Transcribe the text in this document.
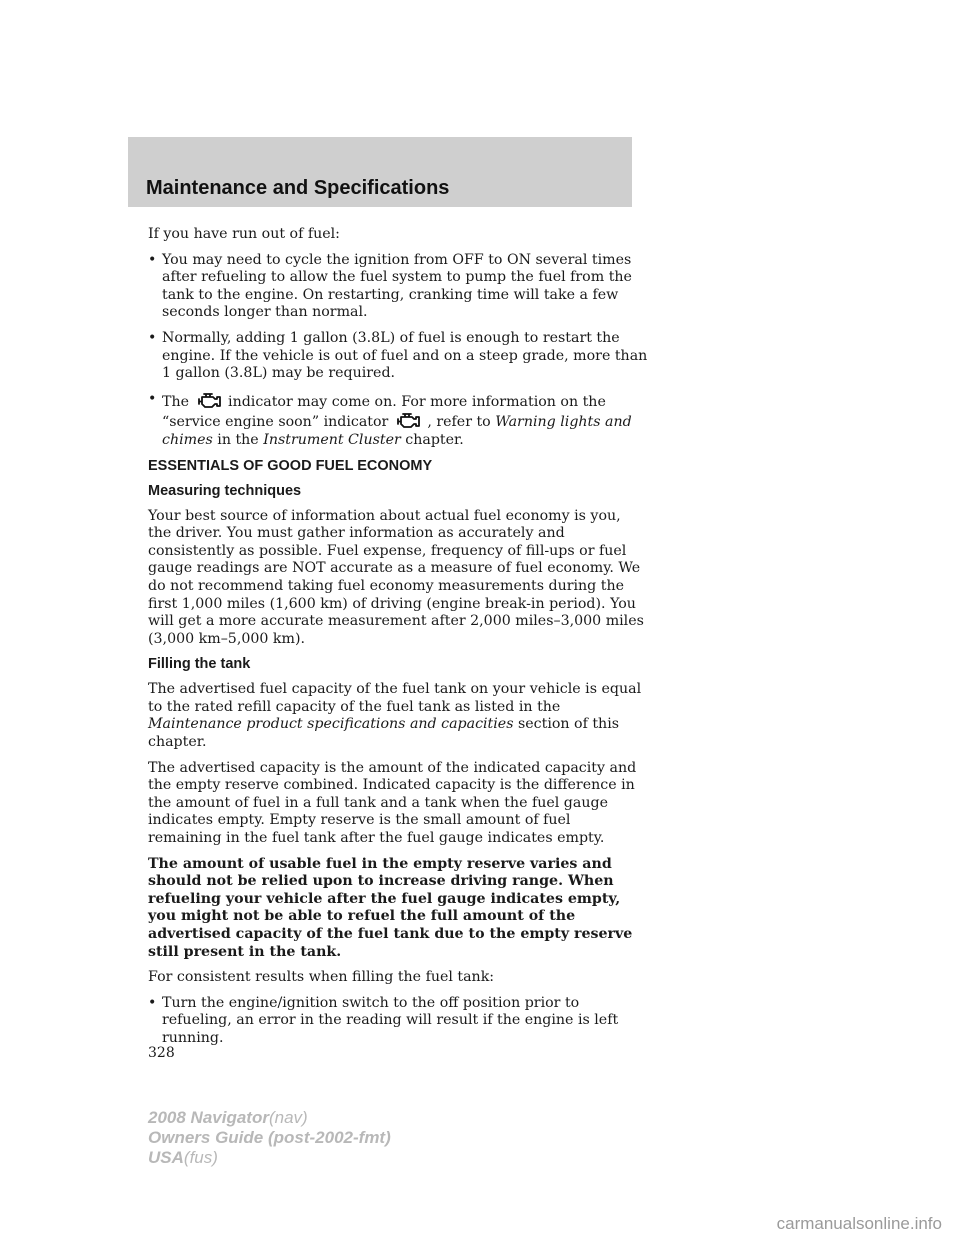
Maintenance and Specifications

If you have run out of fuel:

• You may need to cycle the ignition from OFF to ON several times after refueling to allow the fuel system to pump the fuel from the tank to the engine. On restarting, cranking time will take a few seconds longer than normal.
• Normally, adding 1 gallon (3.8L) of fuel is enough to restart the engine. If the vehicle is out of fuel and on a steep grade, more than 1 gallon (3.8L) may be required.
• The	indicator may come on. For more information on the “service engine soon” indicator	, refer to Warning lights and chimes in the Instrument Cluster chapter.
ESSENTIALS OF GOOD FUEL ECONOMY
Measuring techniques

Your best source of information about actual fuel economy is you, the driver. You must gather information as accurately and consistently as possible. Fuel expense, frequency of fill-ups or fuel gauge readings are NOT accurate as a measure of fuel economy. We do not recommend taking fuel economy measurements during the first 1,000 miles (1,600 km) of driving (engine break-in period). You will get a more accurate measurement after 2,000 miles–3,000 miles (3,000 km–5,000 km).

Filling the tank

The advertised fuel capacity of the fuel tank on your vehicle is equal to the rated refill capacity of the fuel tank as listed in the Maintenance product specifications and capacities section of this chapter.

The advertised capacity is the amount of the indicated capacity and the empty reserve combined. Indicated capacity is the difference in the amount of fuel in a full tank and a tank when the fuel gauge indicates empty. Empty reserve is the small amount of fuel remaining in the fuel tank after the fuel gauge indicates empty.

The amount of usable fuel in the empty reserve varies and should not be relied upon to increase driving range. When refueling your vehicle after the fuel gauge indicates empty, you might not be able to refuel the full amount of the advertised capacity of the fuel tank due to the empty reserve still present in the tank.

For consistent results when filling the fuel tank:

• Turn the engine/ignition switch to the off position prior to refueling, an error in the reading will result if the engine is left running.
328
2008 Navigator(nav)
Owners Guide (post-2002-fmt)
USA(fus)
carmanualsonline.info
